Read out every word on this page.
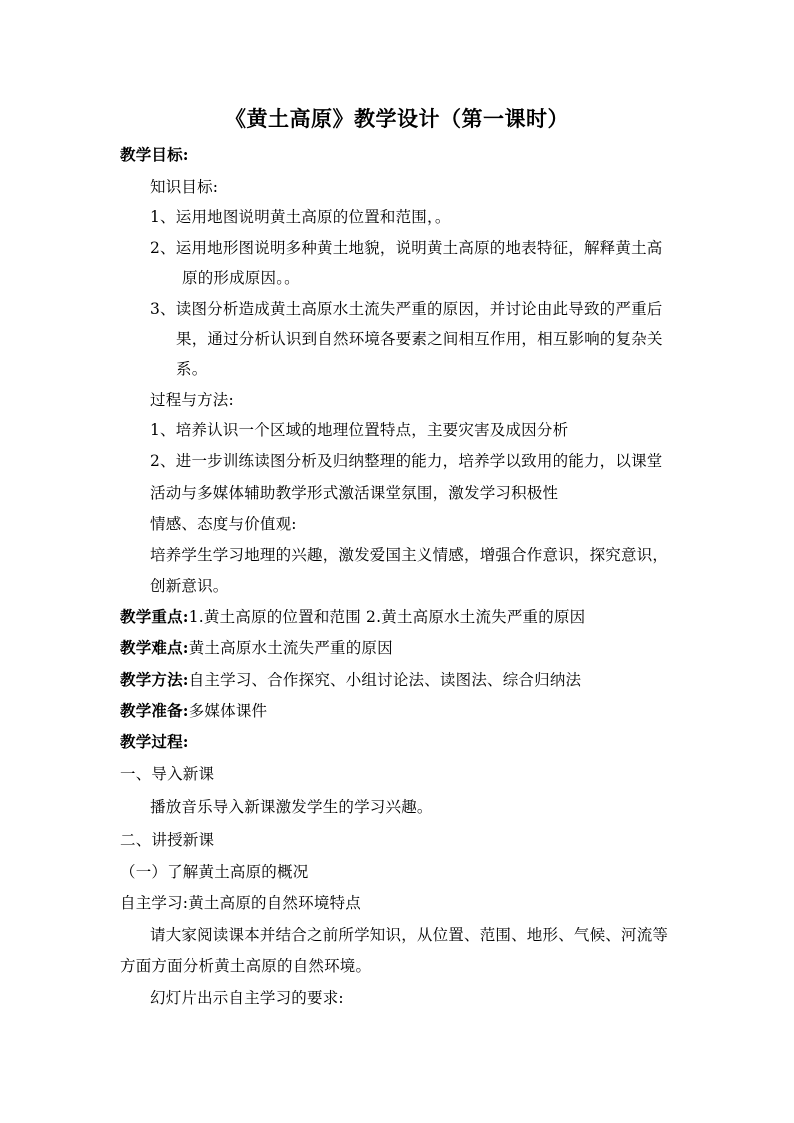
《黄土高原》教学设计（第一课时）
教学目标:
知识目标:
1、运用地图说明黄土高原的位置和范围，。
2、运用地形图说明多种黄土地貌，说明黄土高原的地表特征，解释黄土高
原的形成原因。。
3、读图分析造成黄土高原水土流失严重的原因，并讨论由此导致的严重后
果，通过分析认识到自然环境各要素之间相互作用，相互影响的复杂关
系。
过程与方法:
1、培养认识一个区域的地理位置特点，主要灾害及成因分析
2、进一步训练读图分析及归纳整理的能力，培养学以致用的能力，以课堂
活动与多媒体辅助教学形式激活课堂氛围，激发学习积极性
情感、态度与价值观:
培养学生学习地理的兴趣，激发爱国主义情感，增强合作意识，探究意识，
创新意识。
教学重点:1.黄土高原的位置和范围 2.黄土高原水土流失严重的原因
教学难点:黄土高原水土流失严重的原因
教学方法:自主学习、合作探究、小组讨论法、读图法、综合归纳法
教学准备:多媒体课件
教学过程:
一、导入新课
播放音乐导入新课激发学生的学习兴趣。
二、讲授新课
（一）了解黄土高原的概况
自主学习:黄土高原的自然环境特点
请大家阅读课本并结合之前所学知识，从位置、范围、地形、气候、河流等
方面方面分析黄土高原的自然环境。
幻灯片出示自主学习的要求:
